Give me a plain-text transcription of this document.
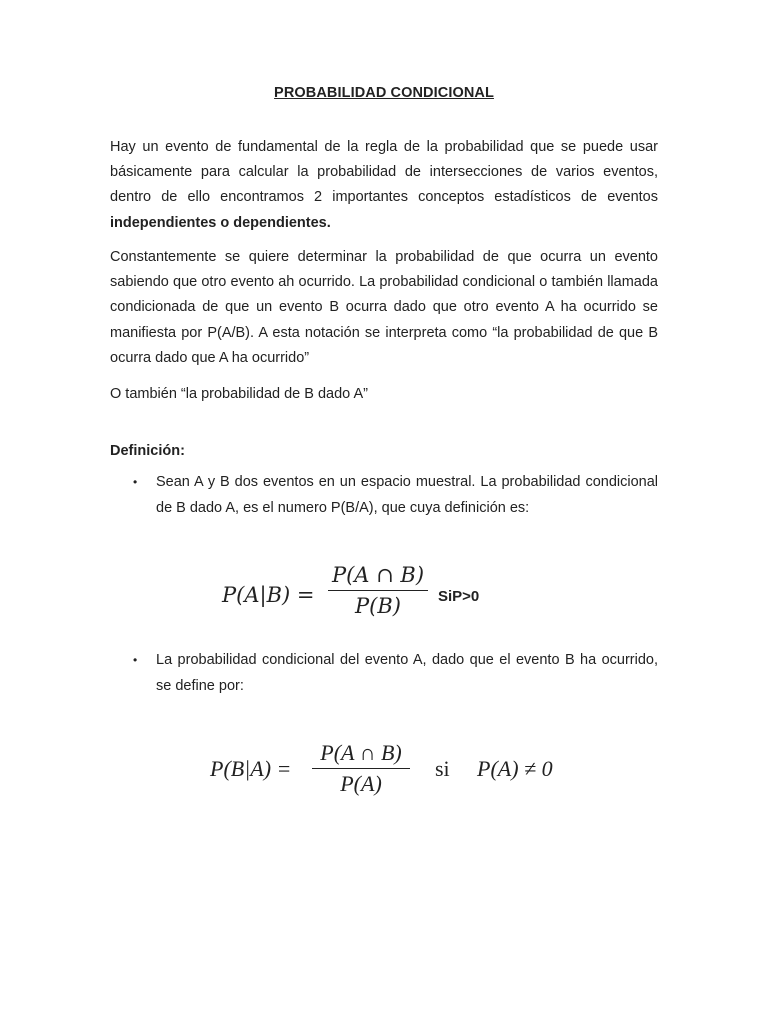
PROBABILIDAD CONDICIONAL

Hay un evento de fundamental de la regla de la probabilidad que se puede usar básicamente para calcular la probabilidad de intersecciones de varios eventos, dentro de ello encontramos 2 importantes conceptos estadísticos de eventos independientes o dependientes.

Constantemente se quiere determinar la probabilidad de que ocurra un evento sabiendo que otro evento ah ocurrido. La probabilidad condicional o también llamada condicionada de que un evento B ocurra dado que otro evento A ha ocurrido se manifiesta por P(A/B). A esta notación se interpreta como “la probabilidad de que B ocurra dado que A ha ocurrido”

O también “la probabilidad de B dado A”

Definición:
• Sean A y B dos eventos en un espacio muestral. La probabilidad condicional de B dado A, es el numero P(B/A), que cuya definición es:

P(A|B) =
P(A ∩ B)
P(B)	SiP>0
• La probabilidad condicional del evento A, dado que el evento B ha ocurrido, se define por:

P(B|A) =
P(A ∩ B)
P(A)
si P(A) ≠ 0
